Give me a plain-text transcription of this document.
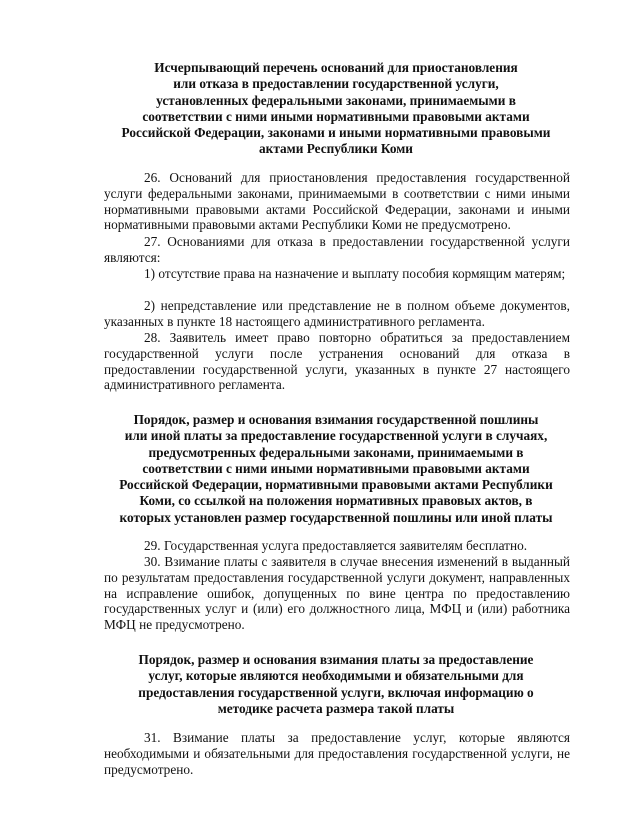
Исчерпывающий перечень оснований для приостановления
или отказа в предоставлении государственной услуги,
установленных федеральными законами, принимаемыми в
соответствии с ними иными нормативными правовыми актами
Российской Федерации, законами и иными нормативными правовыми
актами Республики Коми
26. Оснований для приостановления предоставления государственной услуги федеральными законами, принимаемыми в соответствии с ними иными нормативными правовыми актами Российской Федерации, законами и иными нормативными правовыми актами Республики Коми не предусмотрено.
27. Основаниями для отказа в предоставлении государственной услуги являются:
1) отсутствие права на назначение и выплату пособия кормящим матерям;
2) непредставление или представление не в полном объеме документов, указанных в пункте 18 настоящего административного регламента.
28. Заявитель имеет право повторно обратиться за предоставлением государственной услуги после устранения оснований для отказа в предоставлении государственной услуги, указанных в пункте 27 настоящего административного регламента.
Порядок, размер и основания взимания государственной пошлины
или иной платы за предоставление государственной услуги в случаях,
предусмотренных федеральными законами, принимаемыми в
соответствии с ними иными нормативными правовыми актами
Российской Федерации, нормативными правовыми актами Республики
Коми, со ссылкой на положения нормативных правовых актов, в
которых установлен размер государственной пошлины или иной платы
29. Государственная услуга предоставляется заявителям бесплатно.
30. Взимание платы с заявителя в случае внесения изменений в выданный по результатам предоставления государственной услуги документ, направленных на исправление ошибок, допущенных по вине центра по предоставлению государственных услуг и (или) его должностного лица, МФЦ и (или) работника МФЦ не предусмотрено.
Порядок, размер и основания взимания платы за предоставление
услуг, которые являются необходимыми и обязательными для
предоставления государственной услуги, включая информацию о
методике расчета размера такой платы
31. Взимание платы за предоставление услуг, которые являются необходимыми и обязательными для предоставления государственной услуги, не предусмотрено.
